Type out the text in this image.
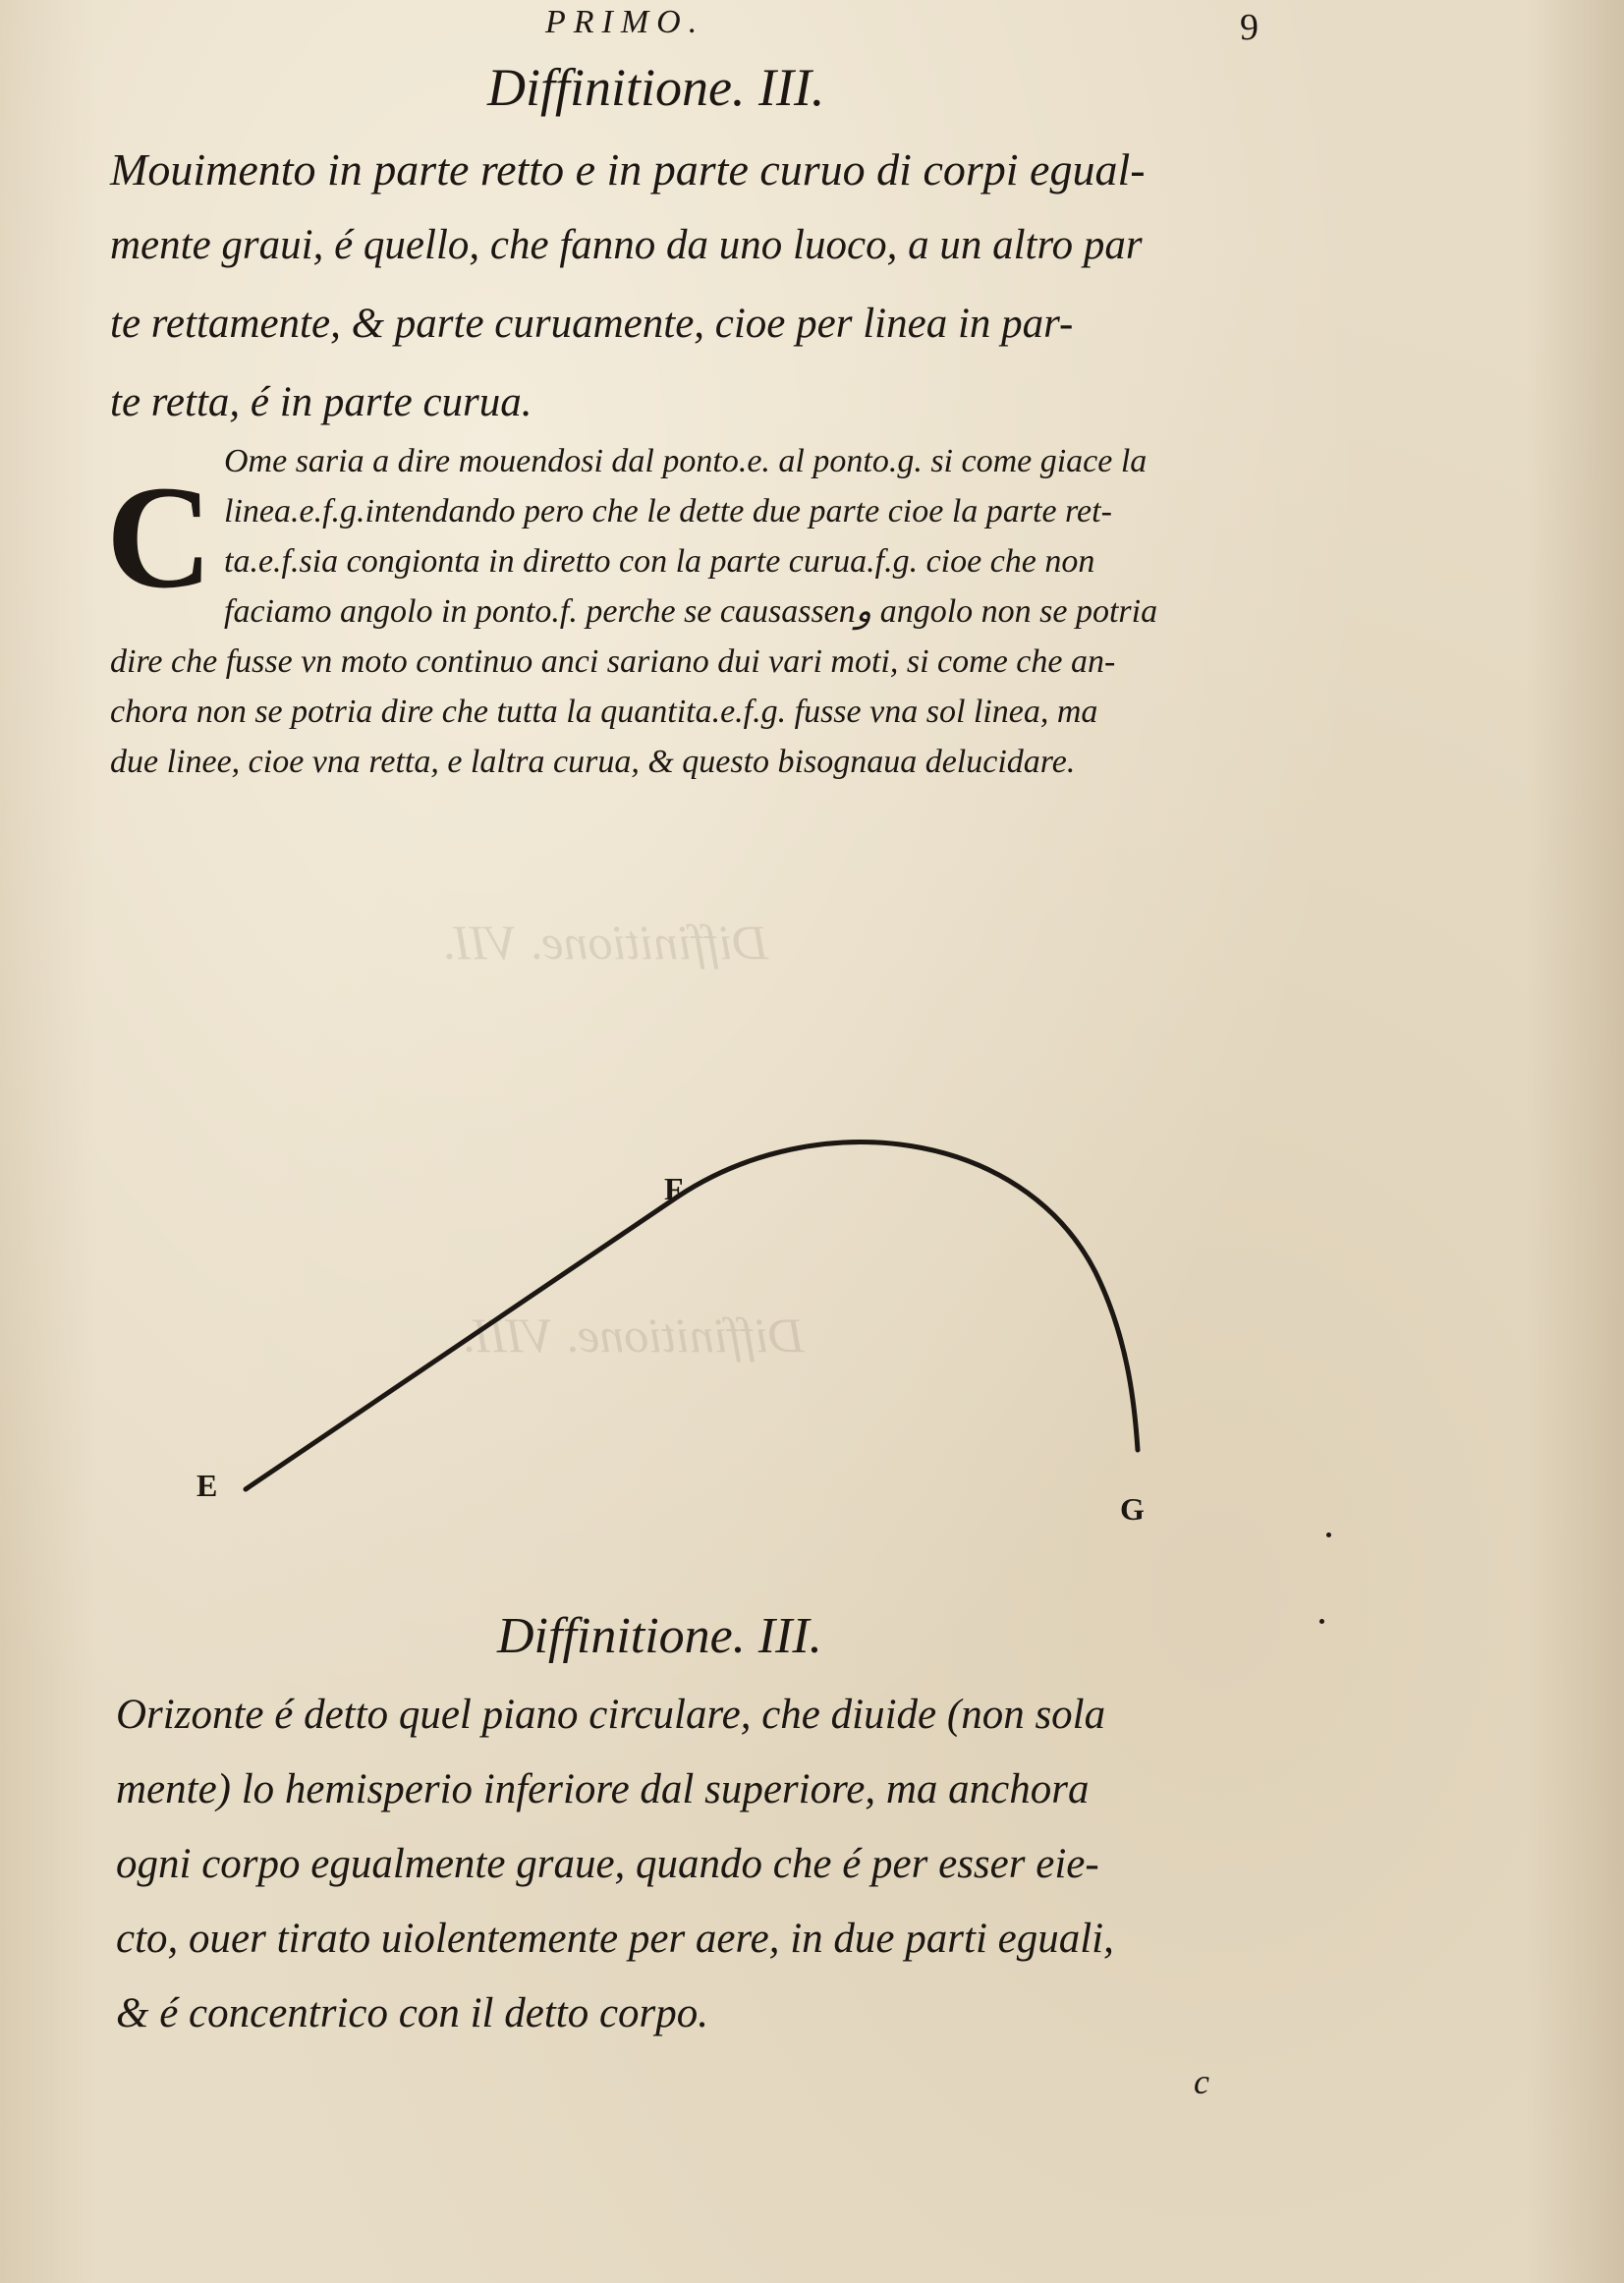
Diffinitione. VII.
Diffinitione. VIII.
PRIMO.	9
Diffinitione. III.
Mouimento in parte retto e in parte curuo di corpi egual-
mente graui, é quello, che fanno da uno luoco, a un altro par
te rettamente, & parte curuamente, cioe per linea in par-
te retta, é in parte curua.
C Ome saria a dire mouendosi dal ponto.e. al ponto.g. si come giace la
linea.e.f.g.intendando pero che le dette due parte cioe la parte ret-
ta.e.f.sia congionta in diretto con la parte curua.f.g. cioe che non
faciamo angolo in ponto.f. perche se causassenو angolo non se potria
dire che fusse vn moto continuo anci sariano dui vari moti, si come che an-
chora non se potria dire che tutta la quantita.e.f.g. fusse vna sol linea, ma
due linee, cioe vna retta, e laltra curua, & questo bisognaua delucidare.
E
F
G
Diffinitione. III.
Orizonte é detto quel piano circulare, che diuide (non sola
mente) lo hemisperio inferiore dal superiore, ma anchora
ogni corpo egualmente graue, quando che é per esser eie-
cto, ouer tirato uiolentemente per aere, in due parti eguali,
& é concentrico con il detto corpo.
c
